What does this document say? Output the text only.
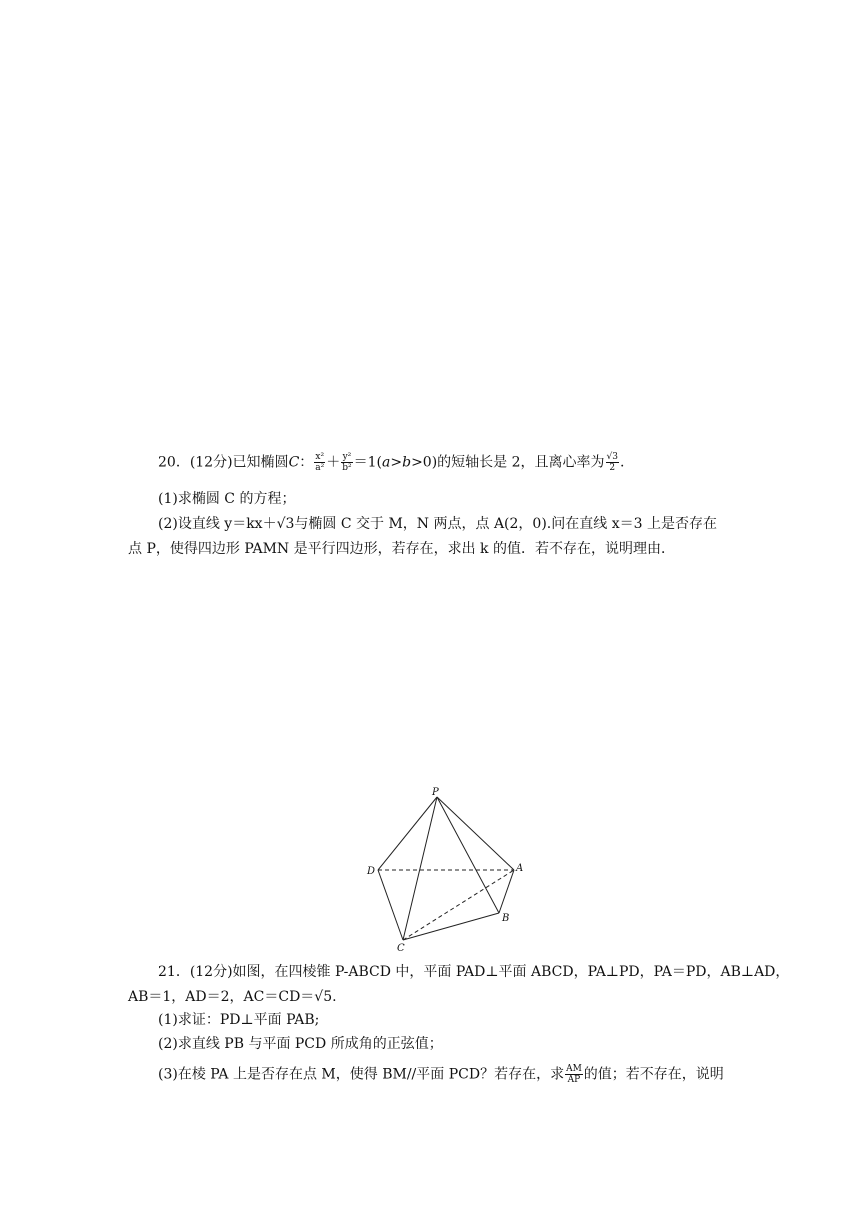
20．(12分)已知椭圆C： $\frac{\text{x²}}{\text{a²}} + \frac{\text{y²}}{\text{b²}} =1(a>b>0)$的短轴长是 2，且离心率为 $\frac{√3}{2}$ .
(1)求椭圆 C 的方程；
(2)设直线 y＝kx＋√3与椭圆 C 交于 M，N 两点，点 A(2，0).问在直线 x＝3 上是否存在
点 P，使得四边形 PAMN 是平行四边形，若存在，求出 k 的值．若不存在，说明理由．
P
D	A
B
C
21．(12分)如图，在四棱锥 P-ABCD 中，平面 PAD⊥平面 ABCD，PA⊥PD，PA＝PD，AB⊥AD，
AB＝1，AD＝2，AC＝CD＝√5.
(1)求证：PD⊥平面 PAB;
(2)求直线 PB 与平面 PCD 所成角的正弦值；
(3)在棱 PA 上是否存在点 M，使得 BM//平面 PCD？若存在，求 $\frac{AM}{AP}$ 的值；若不存在，说明
